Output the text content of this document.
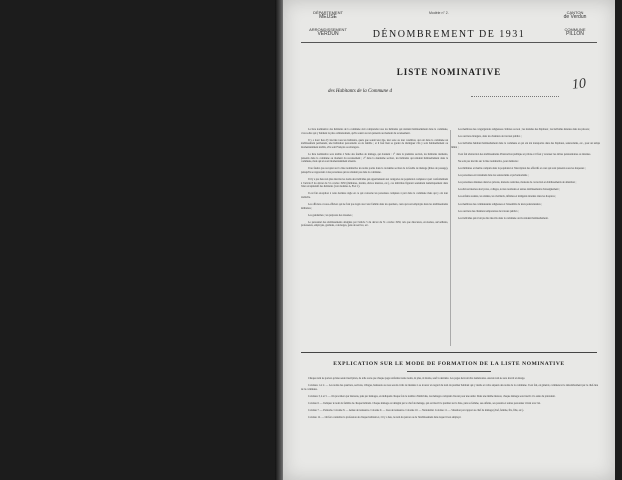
DÉPARTEMENT
MEUSE
ARRONDISSEMENT
VERDUN
Modèle n° 2.	CANTON
de Verdun
COMMUNE
PILLON
DÉNOMBREMENT DE 1931
LISTE NOMINATIVE
des Habitants de la Commune d	10

La liste nominative des habitants de la commune doit comprendre tous les habitants qui résident habituellement dans la commune, c'est-à-dire qui y habitent le plus ordinairement, qu'ils soient ou non présents au moment du recensement.

Il y a donc lieu d'y inscrire tous les habitants, quels que soient leur âge, leur sexe ou leur condition, qui ont dans la commune un établissement permanent, une habitation personnelle ou de famille ; et il faut bien se garder de distinguer s'ils y sont habituellement ou momentanément établis, s'ils sont Français ou étrangers.

La liste nominative sera établie à l'aide des feuilles de ménage, qui donnent : 1° dans la première section, les habitants résidents, présents dans la commune au moment du recensement ; 2° dans la deuxième section, les habitants qui résident habituellement dans la commune, mais qui en sont momentanément absents.

Il ne faudra pas recopier sur la liste nominative les noms portés dans la troisième section de la feuille de ménage (hôtes de passage), puisqu'ils se rapportent à des personnes qui ne résident pas dans la commune.

Il n'y a pas lieu non plus inscrire les noms des individus qui appartiennent aux catégories de population comptées à part conformément à l'article 8 du décret du 31 octobre 1930 (militaires, marins, élèves internes, etc.), ces individus figurant seulement numériquement dans l'état récapitulatif des habitants (voir modèles A, B et C).

Il est fait exception à cette dernière règle en ce qui concerne les personnes comptées à part dans la commune mais qui y ont leur domicile.

Les officiers et sous-officiers qui ne font pas logés avec leur famille dans les quartiers, ceux qui sont employés dans les établissements militaires ;

Les gendarmes ; les préposés des douanes ;

Le personnel des établissements désignés par l'article 5 du décret du 31 octobre 1930, tels que directeurs, économes, surveillants, professeurs, employés, gardiens, concierges, gens de service, etc.

Les membres des congrégations religieuses cloîtrées ou non ; les malades des hôpitaux ; les individus détenus dans les prisons ;

Les ouvriers étrangers, dans les chantiers de travaux publics ;

Les individus habitant habituellement dans la commune et qui ont été transportés dans des hôpitaux, sanatoriums, etc., pour un temps limité ;

Il est fait abstraction des établissements d'instruction publique et privée et il faut y recenser les élèves pensionnaires ou internes.

Ne sont pas inscrits sur la liste nominative, pour mémoire :

Les militaires et marins comptés dans la population à l'inscription des effectifs et ceux qui sont présents sous les drapeaux ;

Les personnes en traitement dans les sanatoriums et préventoriums ;

Les personnes détenues dans les prisons, maisons centrales, maisons de correction et établissements de détention ;

Les élèves internes des lycées, collèges, écoles normales et autres établissements d'enseignement ;

Les enfants assistés, les aliénés, les vieillards, infirmes et indigents internés dans les hospices ;

Les membres des communautés religieuses et l'ensemble de leurs pensionnaires ;

Les ouvriers des chantiers temporaires de travaux publics ;

Les individus qui n'ont pu être inscrits dans la commune où ils résident habituellement.

EXPLICATION SUR LE MODE DE FORMATION DE LA LISTE NOMINATIVE

Chaque nom ne portera qu'une seule inscription, de telle sorte que chaque page renferme trente noms, ni plus, ni moins, sauf la dernière. Les pages devront être numérotées. Aucun nom ne sera inscrit en marge.

Colonnes 1 et 2. — Les noms des quartiers, sections, villages, hameaux ou rues seront écrits de manière à se trouver en regard du nom du premier habitant qui y réside et à être séparés des noms de la commune. Il est fait, en général, commencer le dénombrement par le chef-lieu de la commune.

Colonnes 3, 4 et 5. — On procédera par maisons, puis par ménages, en indiquant chaque fois le nombre d'individus, les ménages comptant chacun pour une unité. Dans une même maison, chaque ménage sera inscrit à la suite du précédent.

Colonne 6. — Indiquer le nom de famille de chaque habitant. Chaque ménage est désigné par le chef de ménage, qui est inscrit le premier sur la liste, puis sa femme, ses enfants, ses parents et autres personnes vivant avec lui.

Colonne 7. — Prénoms. Colonne 8. — Année de naissance. Colonne 9. — Lieu de naissance. Colonne 10. — Nationalité. Colonne 11. — Situation par rapport au chef de ménage (chef, femme, fils, fille, etc.).

Colonne 12. — On fera connaître la profession de chaque habitant et, s'il y a lieu, le nom du patron ou de l'établissement dans lequel il est employé.
